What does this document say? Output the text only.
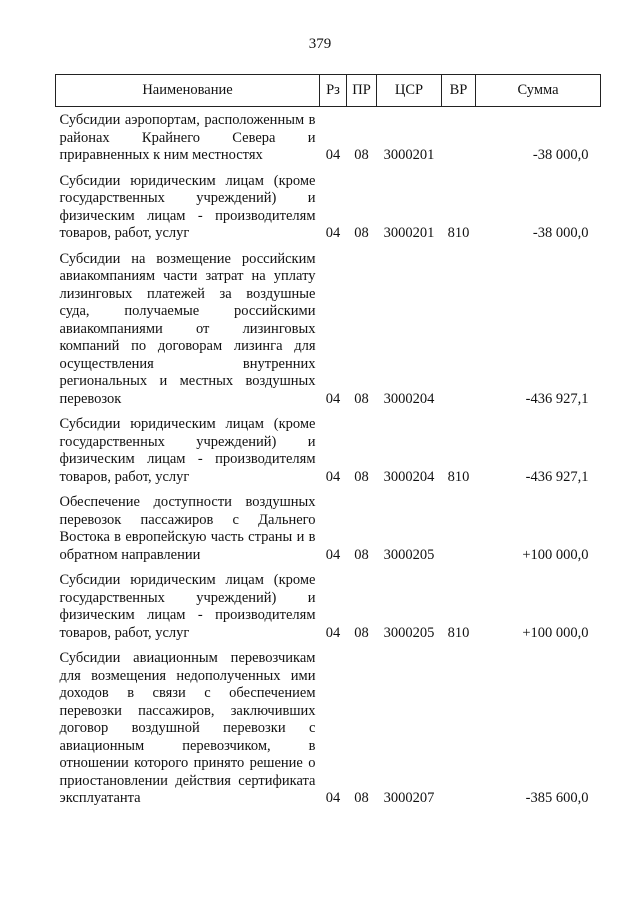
379
Наименование	Рз	ПР	ЦСР	ВР	Сумма
Субсидии аэропортам, расположенным в районах Крайнего Севера и приравненных к ним местностях	04	08	3000201		-38 000,0
Субсидии юридическим лицам (кроме государственных учреждений) и физическим лицам - производителям товаров, работ, услуг	04	08	3000201	810	-38 000,0
Субсидии на возмещение российским авиакомпаниям части затрат на уплату лизинговых платежей за воздушные суда, получаемые российскими авиакомпаниями от лизинговых компаний по договорам лизинга для осуществления внутренних региональных и местных воздушных перевозок	04	08	3000204		-436 927,1
Субсидии юридическим лицам (кроме государственных учреждений) и физическим лицам - производителям товаров, работ, услуг	04	08	3000204	810	-436 927,1
Обеспечение доступности воздушных перевозок пассажиров с Дальнего Востока в европейскую часть страны и в обратном направлении	04	08	3000205		+100 000,0
Субсидии юридическим лицам (кроме государственных учреждений) и физическим лицам - производителям товаров, работ, услуг	04	08	3000205	810	+100 000,0
Субсидии авиационным перевозчикам для возмещения недополученных ими доходов в связи с обеспечением перевозки пассажиров, заключивших договор воздушной перевозки с авиационным перевозчиком, в отношении которого принято решение о приостановлении действия сертификата эксплуатанта	04	08	3000207		-385 600,0
